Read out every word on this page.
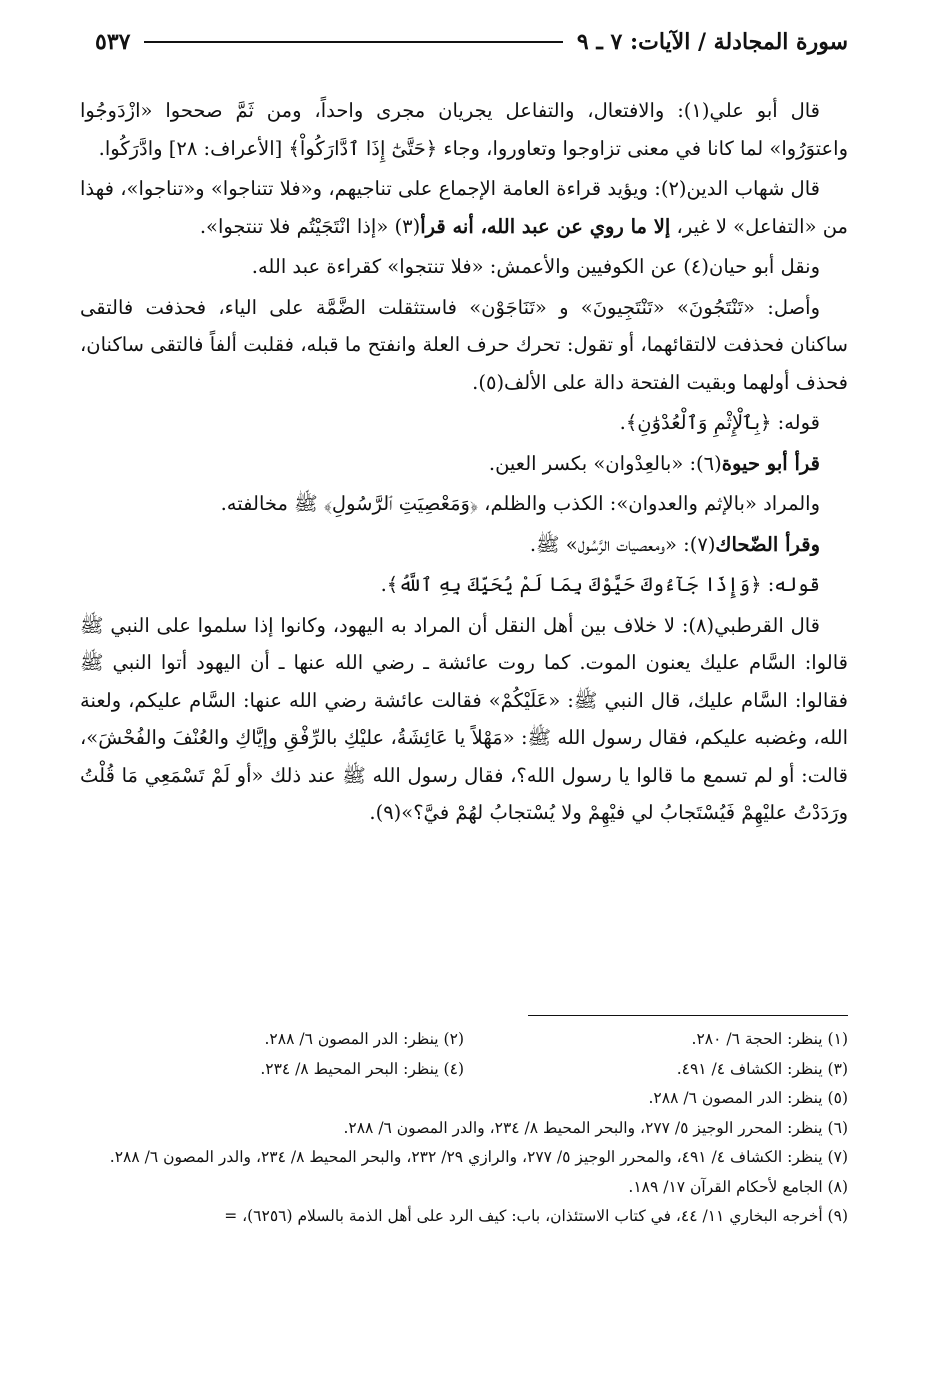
سورة المجادلة / الآيات: ٧ ـ ٩
٥٣٧

قال أبو علي(١): والافتعال، والتفاعل يجريان مجرى واحداً، ومن ثَمَّ صححوا «ازْدَوجُوا واعتوَرُوا» لما كانا في معنى تزاوجوا وتعاوروا، وجاء ﴿حَتَّىٰٓ إِذَا ٱدَّارَكُواْ﴾ [الأعراف: ٢٨] وادَّرَكُوا.

قال شهاب الدين(٢): ويؤيد قراءة العامة الإجماع على تناجيهم، و«فلا تتناجوا» و«تناجوا»، فهذا من «التفاعل» لا غير، إلا ما روي عن عبد الله، أنه قرأ(٣) «إذا انْتَجَيْتُم فلا تنتجوا».

ونقل أبو حيان(٤) عن الكوفيين والأعمش: «فلا تنتجوا» كقراءة عبد الله.

وأصل: «تَنْتَجُونَ» «تَنْتَجِيونَ» و «تَنَاجَوْن» فاستثقلت الضَّمَّة على الياء، فحذفت فالتقى ساكنان فحذفت لالتقائهما، أو تقول: تحرك حرف العلة وانفتح ما قبله، فقلبت ألفاً فالتقى ساكنان، فحذف أولهما وبقيت الفتحة دالة على الألف(٥).

قوله: ﴿بِٱلْإِثْمِ وَٱلْعُدْوَٰنِ﴾.

قرأ أبو حيوة(٦): «بالعِدْوان» بكسر العين.

والمراد «بالإثم والعدوان»: الكذب والظلم، ﴿وَمَعْصِيَتِ ٱلرَّسُولِ﴾ ﷺ مخالفته.

وقرأ الضّحاك(٧): «ومعصيات الرَّسُول» ﷺ.

قوله: ﴿وَإِذَا جَآءُوكَ حَيَّوْكَ بِمَا لَمْ يُحَيِّكَ بِهِ ٱللَّهُ﴾.

قال القرطبي(٨): لا خلاف بين أهل النقل أن المراد به اليهود، وكانوا إذا سلموا على النبي ﷺ قالوا: السَّام عليك يعنون الموت. كما روت عائشة ـ رضي الله عنها ـ أن اليهود أتوا النبي ﷺ فقالوا: السَّام عليك، قال النبي ﷺ: «عَلَيْكُمْ» فقالت عائشة رضي الله عنها: السَّام عليكم، ولعنة الله، وغضبه عليكم، فقال رسول الله ﷺ: «مَهْلاً يا عَائِشَةُ، عليْكِ بالرِّفْقِ وإيَّاكِ والعُنْفَ والفُحْشَ»، قالت: أو لم تسمع ما قالوا يا رسول الله؟، فقال رسول الله ﷺ عند ذلك «أو لَمْ تَسْمَعِي مَا قُلْتُ ورَدَدْتُ عليْهِمْ فَيُسْتَجابُ لي فيْهِمْ ولا يُسْتجابُ لهُمْ فيَّ؟»(٩).

(١) ينظر: الحجة ٦/ ٢٨٠.
(٢) ينظر: الدر المصون ٦/ ٢٨٨.
(٣) ينظر: الكشاف ٤/ ٤٩١.
(٤) ينظر: البحر المحيط ٨/ ٢٣٤.

(٥) ينظر: الدر المصون ٦/ ٢٨٨.

(٦) ينظر: المحرر الوجيز ٥/ ٢٧٧، والبحر المحيط ٨/ ٢٣٤، والدر المصون ٦/ ٢٨٨.

(٧) ينظر: الكشاف ٤/ ٤٩١، والمحرر الوجيز ٥/ ٢٧٧، والرازي ٢٩/ ٢٣٢، والبحر المحيط ٨/ ٢٣٤، والدر المصون ٦/ ٢٨٨.

(٨) الجامع لأحكام القرآن ١٧/ ١٨٩.

(٩) أخرجه البخاري ١١/ ٤٤، في كتاب الاستئذان، باب: كيف الرد على أهل الذمة بالسلام (٦٢٥٦)، =
